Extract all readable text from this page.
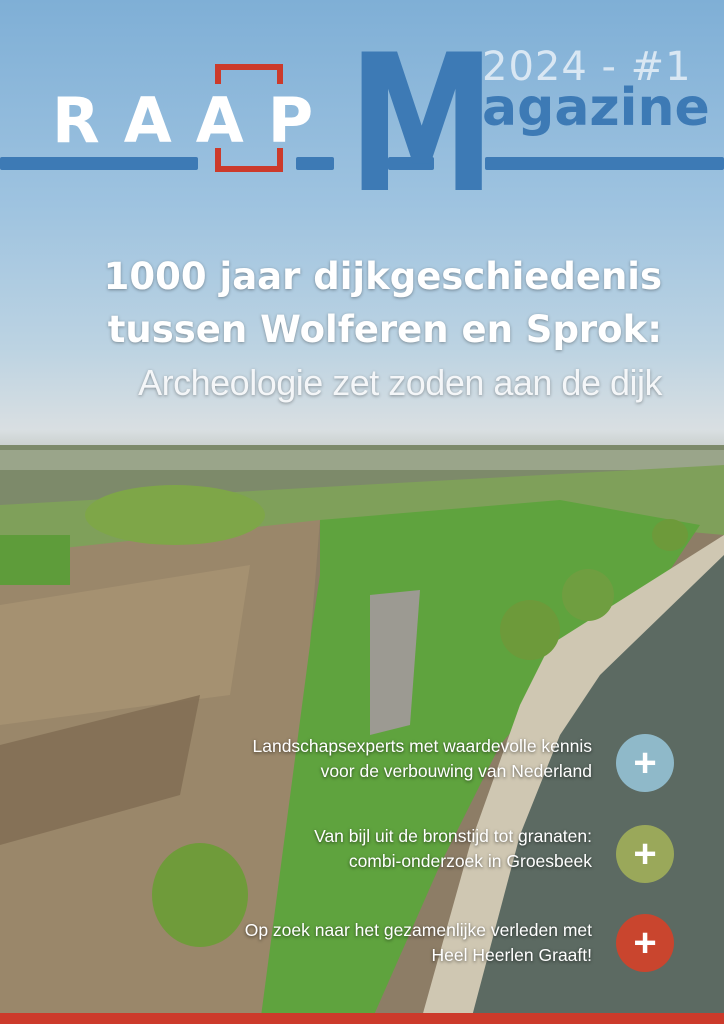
RAAP M
2024 - #1
agazine
1000 jaar dijkgeschiedenis
tussen Wolferen en Sprok:
Archeologie zet zoden aan de dijk
Landschapsexperts met waardevolle kennis
voor de verbouwing van Nederland	+
Van bijl uit de bronstijd tot granaten:
combi-onderzoek in Groesbeek	+
Op zoek naar het gezamenlijke verleden met
Heel Heerlen Graaft!	+
